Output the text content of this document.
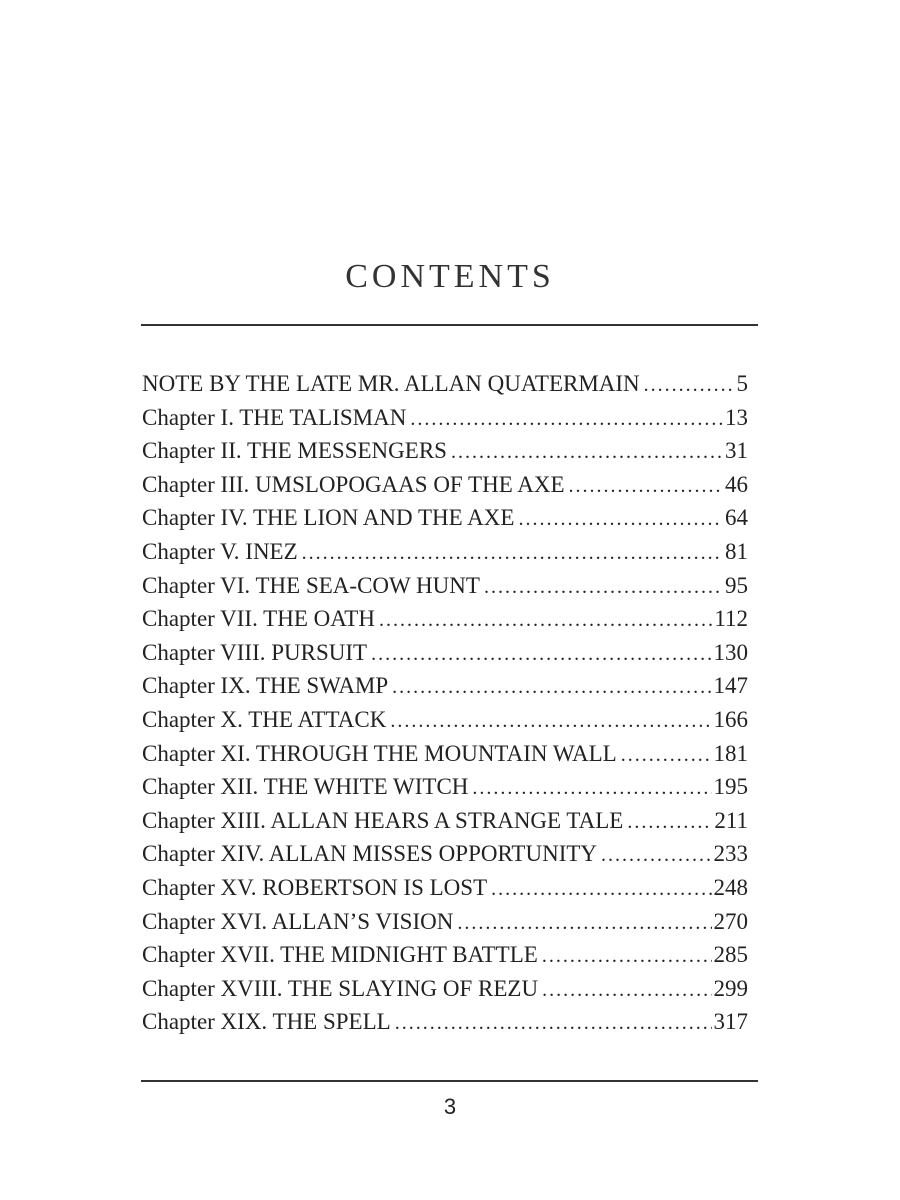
CONTENTS
NOTE BY THE LATE MR. ALLAN QUATERMAIN .....	5
Chapter I. THE TALISMAN .....	13
Chapter II. THE MESSENGERS .....	31
Chapter III. UMSLOPOGAAS OF THE AXE .....	46
Chapter IV. THE LION AND THE AXE .....	64
Chapter V. INEZ .....	81
Chapter VI. THE SEA-COW HUNT .....	95
Chapter VII. THE OATH .....	112
Chapter VIII. PURSUIT .....	130
Chapter IX. THE SWAMP .....	147
Chapter X. THE ATTACK .....	166
Chapter XI. THROUGH THE MOUNTAIN WALL .....	181
Chapter XII. THE WHITE WITCH .....	195
Chapter XIII. ALLAN HEARS A STRANGE TALE .....	211
Chapter XIV. ALLAN MISSES OPPORTUNITY .....	233
Chapter XV. ROBERTSON IS LOST .....	248
Chapter XVI. ALLAN’S VISION .....	270
Chapter XVII. THE MIDNIGHT BATTLE .....	285
Chapter XVIII. THE SLAYING OF REZU .....	299
Chapter XIX. THE SPELL .....	317
3
